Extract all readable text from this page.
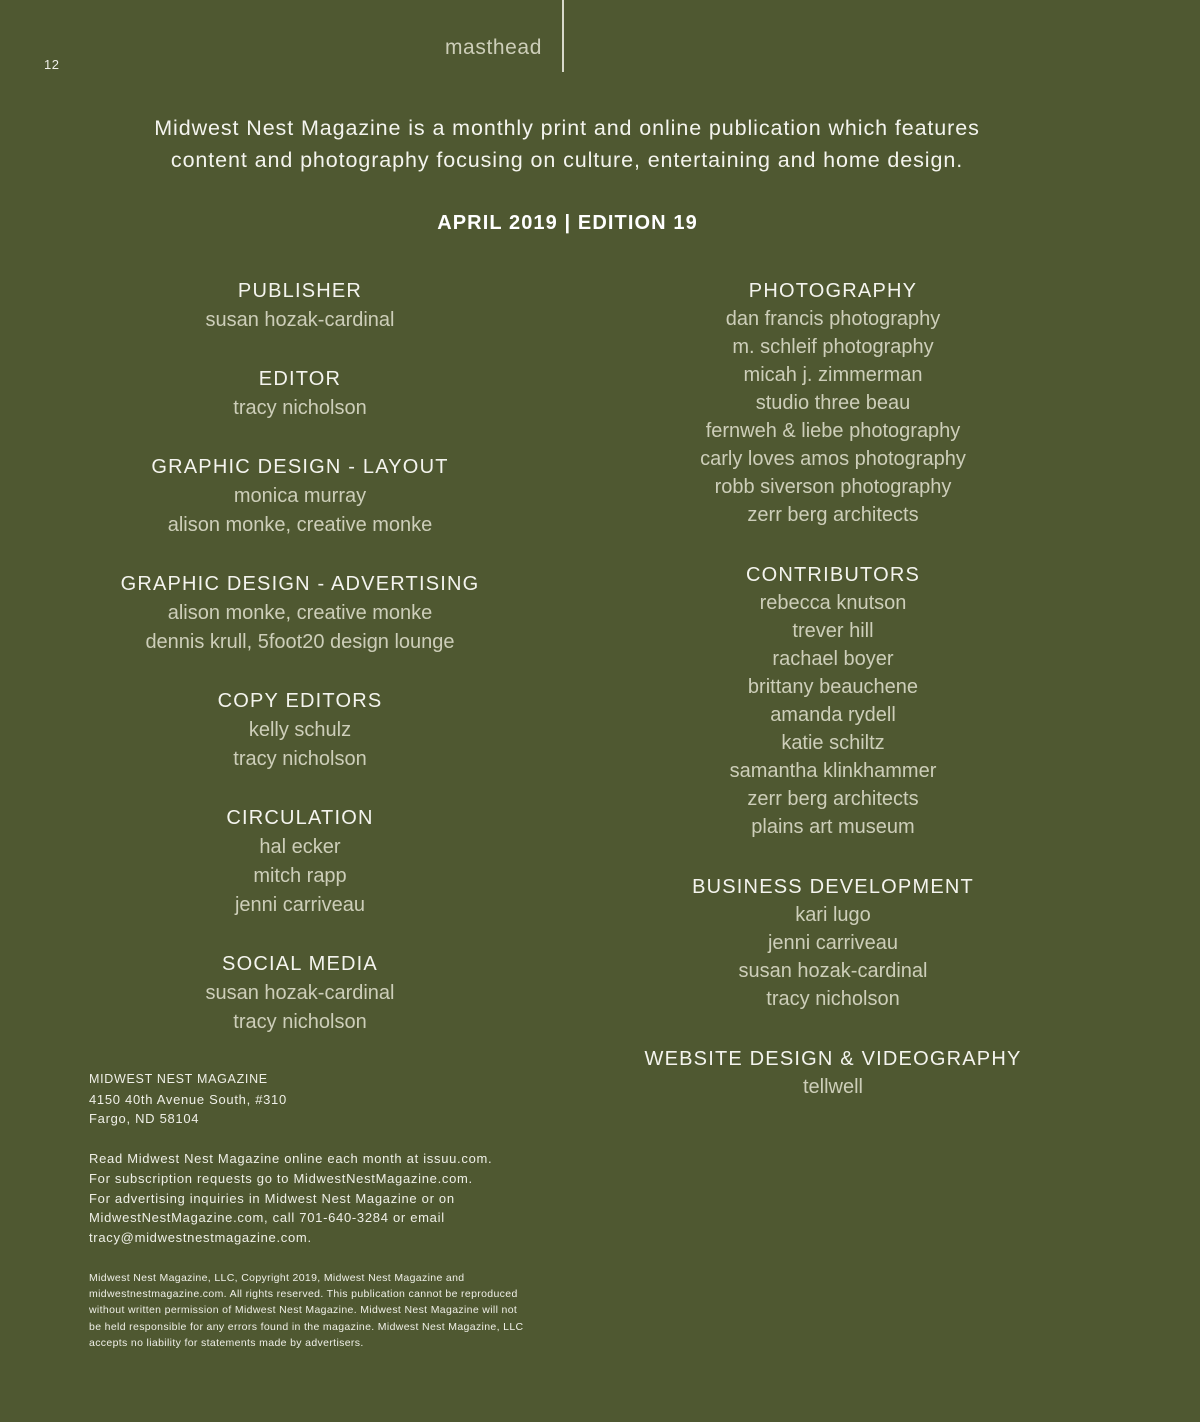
12
masthead
Midwest Nest Magazine is a monthly print and online publication which features
content and photography focusing on culture, entertaining and home design.
APRIL 2019 | EDITION 19
PUBLISHER
susan hozak-cardinal
EDITOR
tracy nicholson
GRAPHIC DESIGN - LAYOUT
monica murray
alison monke, creative monke
GRAPHIC DESIGN - ADVERTISING
alison monke, creative monke
dennis krull, 5foot20 design lounge
COPY EDITORS
kelly schulz
tracy nicholson
CIRCULATION
hal ecker
mitch rapp
jenni carriveau
SOCIAL MEDIA
susan hozak-cardinal
tracy nicholson
PHOTOGRAPHY
dan francis photography
m. schleif photography
micah j. zimmerman
studio three beau
fernweh & liebe photography
carly loves amos photography
robb siverson photography
zerr berg architects
CONTRIBUTORS
rebecca knutson
trever hill
rachael boyer
brittany beauchene
amanda rydell
katie schiltz
samantha klinkhammer
zerr berg architects
plains art museum
BUSINESS DEVELOPMENT
kari lugo
jenni carriveau
susan hozak-cardinal
tracy nicholson
WEBSITE DESIGN & VIDEOGRAPHY
tellwell
MIDWEST NEST MAGAZINE
4150 40th Avenue South, #310
Fargo, ND 58104
Read Midwest Nest Magazine online each month at issuu.com.
For subscription requests go to MidwestNestMagazine.com.
For advertising inquiries in Midwest Nest Magazine or on
MidwestNestMagazine.com, call 701-640-3284 or email
tracy@midwestnestmagazine.com.
Midwest Nest Magazine, LLC, Copyright 2019, Midwest Nest Magazine and
midwestnestmagazine.com. All rights reserved. This publication cannot be reproduced
without written permission of Midwest Nest Magazine. Midwest Nest Magazine will not
be held responsible for any errors found in the magazine. Midwest Nest Magazine, LLC
accepts no liability for statements made by advertisers.
